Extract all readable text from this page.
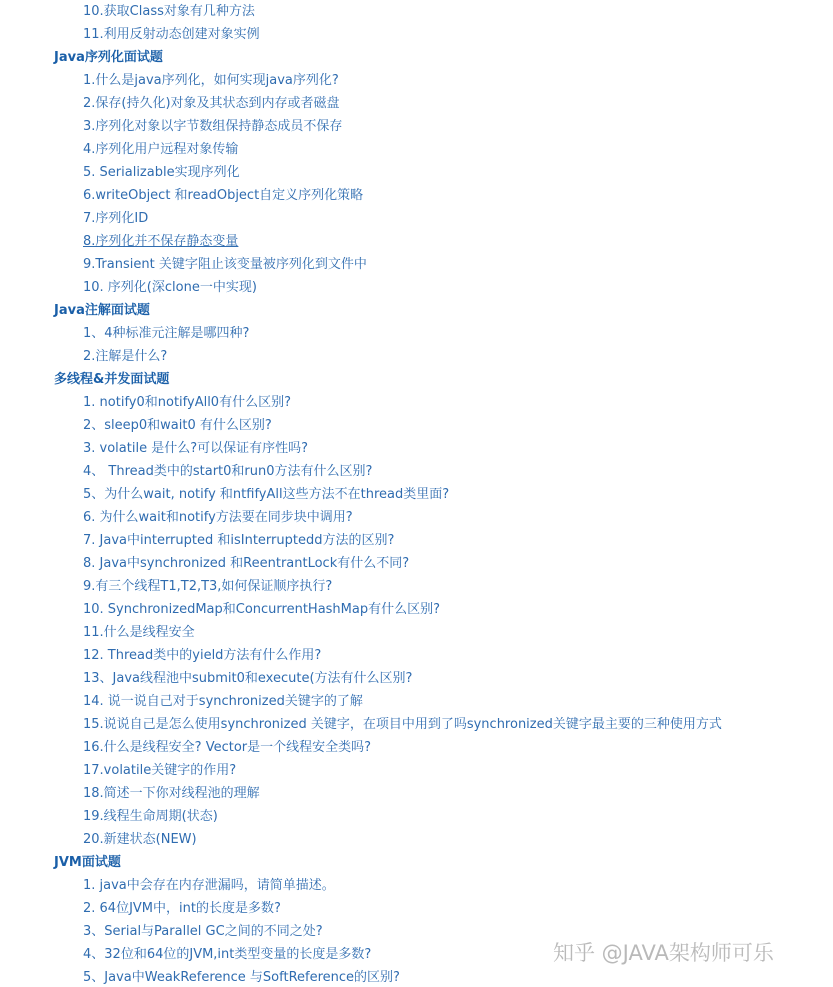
10.获取Class对象有几种方法
11.利用反射动态创建对象实例
Java序列化面试题
1.什么是java序列化，如何实现java序列化?
2.保存(持久化)对象及其状态到内存或者磁盘
3.序列化对象以字节数组保持静态成员不保存
4.序列化用户远程对象传输
5. Serializable实现序列化
6.writeObject 和readObject自定义序列化策略
7.序列化ID
8.序列化并不保存静态变量
9.Transient 关键字阻止该变量被序列化到文件中
10. 序列化(深clone一中实现)
Java注解面试题
1、4种标准元注解是哪四种?
2.注解是什么?
多线程&并发面试题
1. notify0和notifyAll0有什么区别?
2、sleep0和wait0 有什么区别?
3. volatile 是什么?可以保证有序性吗?
4、 Thread类中的start0和run0方法有什么区别?
5、为什么wait, notify 和ntfifyAll这些方法不在thread类里面?
6. 为什么wait和notify方法要在同步块中调用?
7. Java中interrupted 和isInterruptedd方法的区别?
8. Java中synchronized 和ReentrantLock有什么不同?
9.有三个线程T1,T2,T3,如何保证顺序执行?
10. SynchronizedMap和ConcurrentHashMap有什么区别?
11.什么是线程安全
12. Thread类中的yield方法有什么作用?
13、Java线程池中submit0和execute(方法有什么区别?
14. 说一说自己对于synchronized关键字的了解
15.说说自己是怎么使用synchronized 关键字，在项目中用到了吗synchronized关键字最主要的三种使用方式
16.什么是线程安全? Vector是一个线程安全类吗?
17.volatile关键字的作用?
18.简述一下你对线程池的理解
19.线程生命周期(状态)
20.新建状态(NEW)
JVM面试题
1. java中会存在内存泄漏吗，请简单描述。
2. 64位JVM中，int的长度是多数?
3、Serial与Parallel GC之间的不同之处?
4、32位和64位的JVM,int类型变量的长度是多数?
5、Java中WeakReference 与SoftReference的区别?
知乎 @JAVA架构师可乐
